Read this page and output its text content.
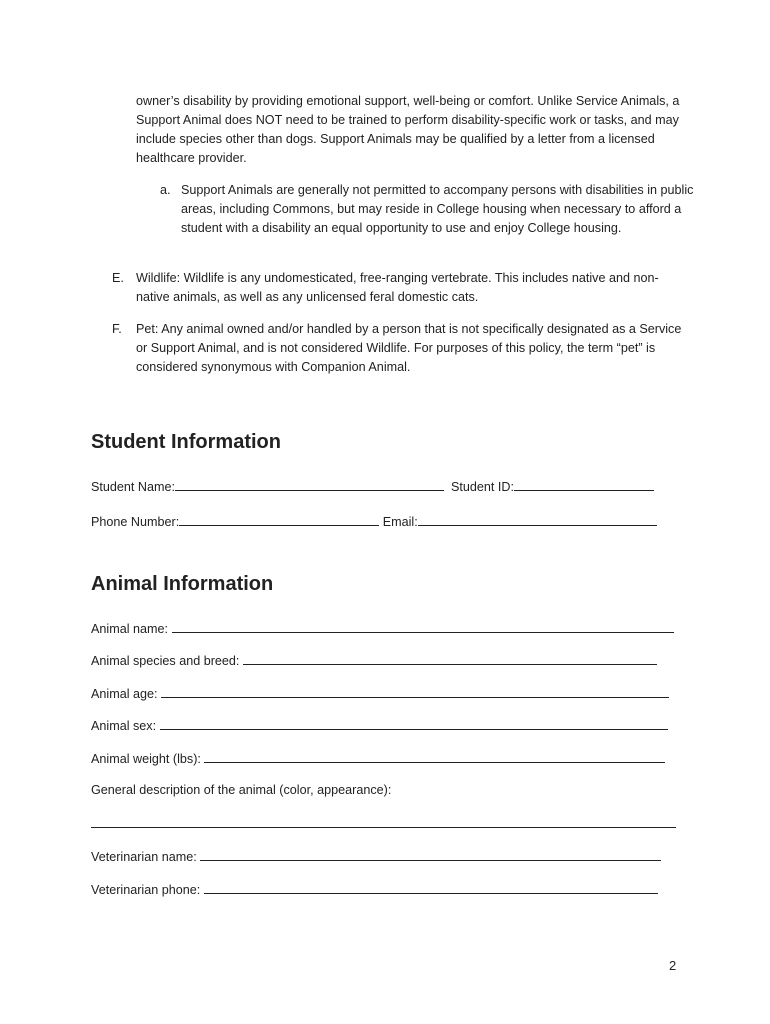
owner’s disability by providing emotional support, well-being or comfort. Unlike Service Animals, a Support Animal does NOT need to be trained to perform disability-specific work or tasks, and may include species other than dogs. Support Animals may be qualified by a letter from a licensed healthcare provider.

a. Support Animals are generally not permitted to accompany persons with disabilities in public areas, including Commons, but may reside in College housing when necessary to afford a student with a disability an equal opportunity to use and enjoy College housing.
E. Wildlife: Wildlife is any undomesticated, free-ranging vertebrate. This includes native and non-native animals, as well as any unlicensed feral domestic cats.
F. Pet: Any animal owned and/or handled by a person that is not specifically designated as a Service or Support Animal, and is not considered Wildlife. For purposes of this policy, the term “pet” is considered synonymous with Companion Animal.
Student Information
Student Name:	Student ID:
Phone Number:	Email:
Animal Information
Animal name:
Animal species and breed:
Animal age:
Animal sex:
Animal weight (lbs):
General description of the animal (color, appearance):
Veterinarian name:
Veterinarian phone:
2
